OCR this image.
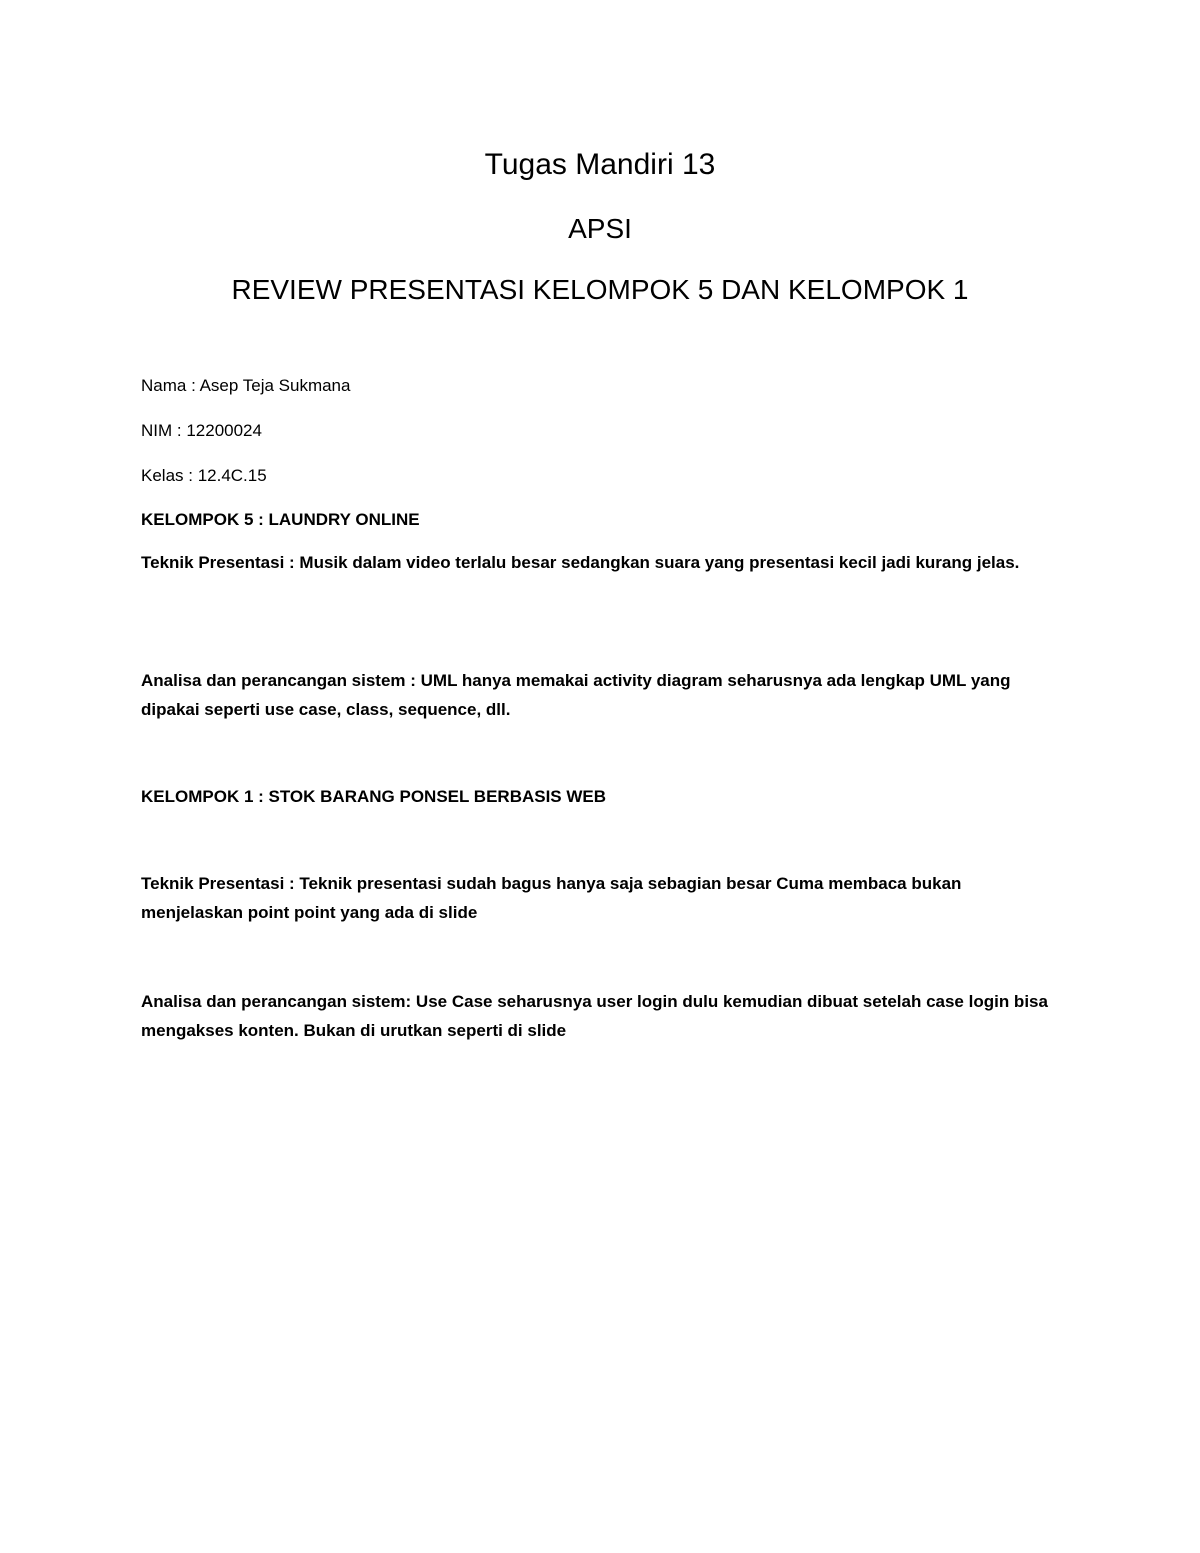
Tugas Mandiri 13
APSI
REVIEW PRESENTASI KELOMPOK 5 DAN KELOMPOK 1
Nama : Asep Teja Sukmana
NIM : 12200024
Kelas : 12.4C.15
KELOMPOK 5 : LAUNDRY ONLINE
Teknik Presentasi : Musik dalam video terlalu besar sedangkan suara yang presentasi kecil jadi kurang jelas.
Analisa dan perancangan sistem : UML hanya memakai activity diagram seharusnya ada lengkap UML yang dipakai seperti use case, class, sequence, dll.
KELOMPOK 1 : STOK BARANG PONSEL BERBASIS WEB
Teknik Presentasi : Teknik presentasi sudah bagus hanya saja sebagian besar Cuma membaca bukan menjelaskan point point yang ada di slide
Analisa dan perancangan sistem: Use Case seharusnya user login dulu kemudian dibuat setelah case login bisa mengakses konten. Bukan di urutkan seperti di slide
